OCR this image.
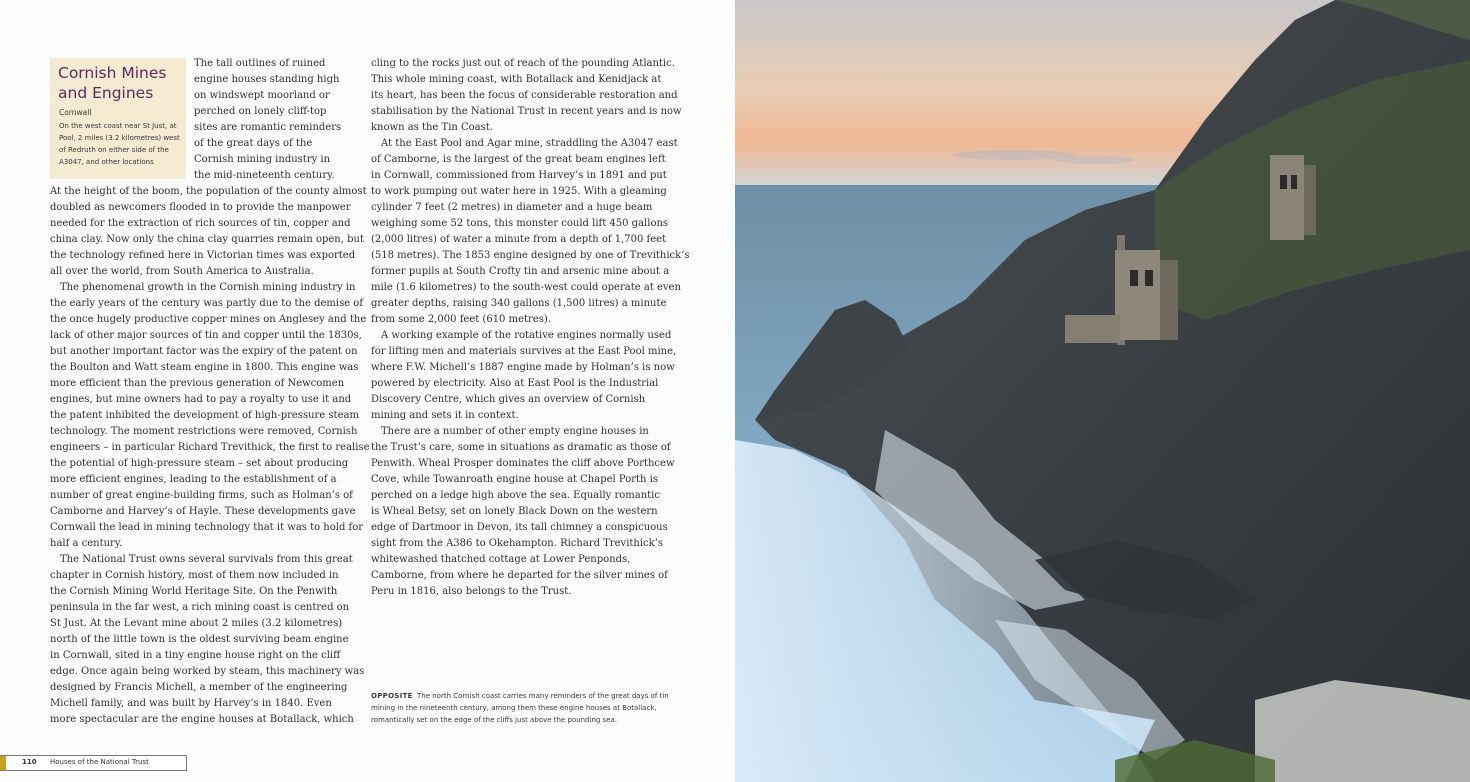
Cornish Mines
and Engines
Cornwall
On the west coast near St Just, at
Pool, 2 miles (3.2 kilometres) west
of Redruth on either side of the
A3047, and other locations
The tall outlines of ruined
engine houses standing high
on windswept moorland or
perched on lonely cliff-top
sites are romantic reminders
of the great days of the
Cornish mining industry in
the mid-nineteenth century.
At the height of the boom, the population of the county almost
doubled as newcomers flooded in to provide the manpower
needed for the extraction of rich sources of tin, copper and
china clay. Now only the china clay quarries remain open, but
the technology refined here in Victorian times was exported
all over the world, from South America to Australia.
 The phenomenal growth in the Cornish mining industry in
the early years of the century was partly due to the demise of
the once hugely productive copper mines on Anglesey and the
lack of other major sources of tin and copper until the 1830s,
but another important factor was the expiry of the patent on
the Boulton and Watt steam engine in 1800. This engine was
more efficient than the previous generation of Newcomen
engines, but mine owners had to pay a royalty to use it and
the patent inhibited the development of high-pressure steam
technology. The moment restrictions were removed, Cornish
engineers – in particular Richard Trevithick, the first to realise
the potential of high-pressure steam – set about producing
more efficient engines, leading to the establishment of a
number of great engine-building firms, such as Holman’s of
Camborne and Harvey’s of Hayle. These developments gave
Cornwall the lead in mining technology that it was to hold for
half a century.
 The National Trust owns several survivals from this great
chapter in Cornish history, most of them now included in
the Cornish Mining World Heritage Site. On the Penwith
peninsula in the far west, a rich mining coast is centred on
St Just. At the Levant mine about 2 miles (3.2 kilometres)
north of the little town is the oldest surviving beam engine
in Cornwall, sited in a tiny engine house right on the cliff
edge. Once again being worked by steam, this machinery was
designed by Francis Michell, a member of the engineering
Michell family, and was built by Harvey’s in 1840. Even
more spectacular are the engine houses at Botallack, which
cling to the rocks just out of reach of the pounding Atlantic.
This whole mining coast, with Botallack and Kenidjack at
its heart, has been the focus of considerable restoration and
stabilisation by the National Trust in recent years and is now
known as the Tin Coast.
 At the East Pool and Agar mine, straddling the A3047 east
of Camborne, is the largest of the great beam engines left
in Cornwall, commissioned from Harvey’s in 1891 and put
to work pumping out water here in 1925. With a gleaming
cylinder 7 feet (2 metres) in diameter and a huge beam
weighing some 52 tons, this monster could lift 450 gallons
(2,000 litres) of water a minute from a depth of 1,700 feet
(518 metres). The 1853 engine designed by one of Trevithick’s
former pupils at South Crofty tin and arsenic mine about a
mile (1.6 kilometres) to the south-west could operate at even
greater depths, raising 340 gallons (1,500 litres) a minute
from some 2,000 feet (610 metres).
 A working example of the rotative engines normally used
for lifting men and materials survives at the East Pool mine,
where F.W. Michell’s 1887 engine made by Holman’s is now
powered by electricity. Also at East Pool is the Industrial
Discovery Centre, which gives an overview of Cornish
mining and sets it in context.
 There are a number of other empty engine houses in
the Trust’s care, some in situations as dramatic as those of
Penwith. Wheal Prosper dominates the cliff above Porthcew
Cove, while Towanroath engine house at Chapel Porth is
perched on a ledge high above the sea. Equally romantic
is Wheal Betsy, set on lonely Black Down on the western
edge of Dartmoor in Devon, its tall chimney a conspicuous
sight from the A386 to Okehampton. Richard Trevithick’s
whitewashed thatched cottage at Lower Penponds,
Camborne, from where he departed for the silver mines of
Peru in 1816, also belongs to the Trust.
OPPOSITE The north Cornish coast carries many reminders of the great days of tin
mining in the nineteenth century, among them these engine houses at Botallack,
romantically set on the edge of the cliffs just above the pounding sea.
110 Houses of the National Trust
